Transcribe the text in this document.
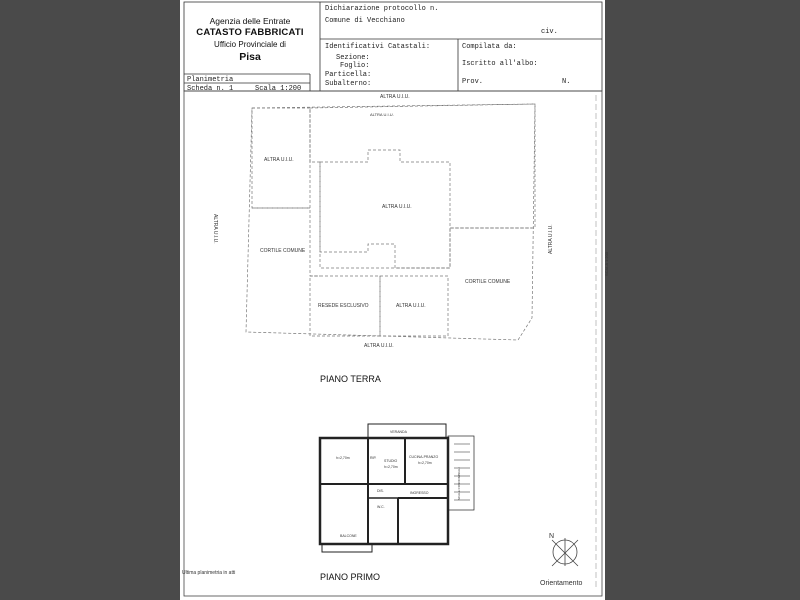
Agenzia delle Entrate
CATASTO FABBRICATI
Ufficio Provinciale di
Pisa
Planimetria
Scheda n. 1	Scala 1:200
Dichiarazione protocollo n.
Comune di Vecchiano
civ.
Identificativi Catastali:
Sezione:
Foglio:
Particella:
Subalterno:
Compilata da:
Iscritto all'albo:
Prov.	N.
ALTRA U.I.U.
ALTRA U.I.U.
ALTRA U.I.U.
ALTRA U.I.U.
ALTRA U.I.U.	ALTRA U.I.U.
CORTILE COMUNE
CORTILE COMUNE
RESEDE ESCLUSIVO	ALTRA U.I.U.
ALTRA U.I.U.
PIANO TERRA
SCALA 1:200
VERANDA
h=2,70m	RIP.
STUDIO
h=2,70m
CUCINA-PRANZO
h=2,70m
DIS.	INGRESSO
W.C.
BALCONE
SCALE CONDOMINIALI
PIANO PRIMO
Ultima planimetria in atti
N
Orientamento
